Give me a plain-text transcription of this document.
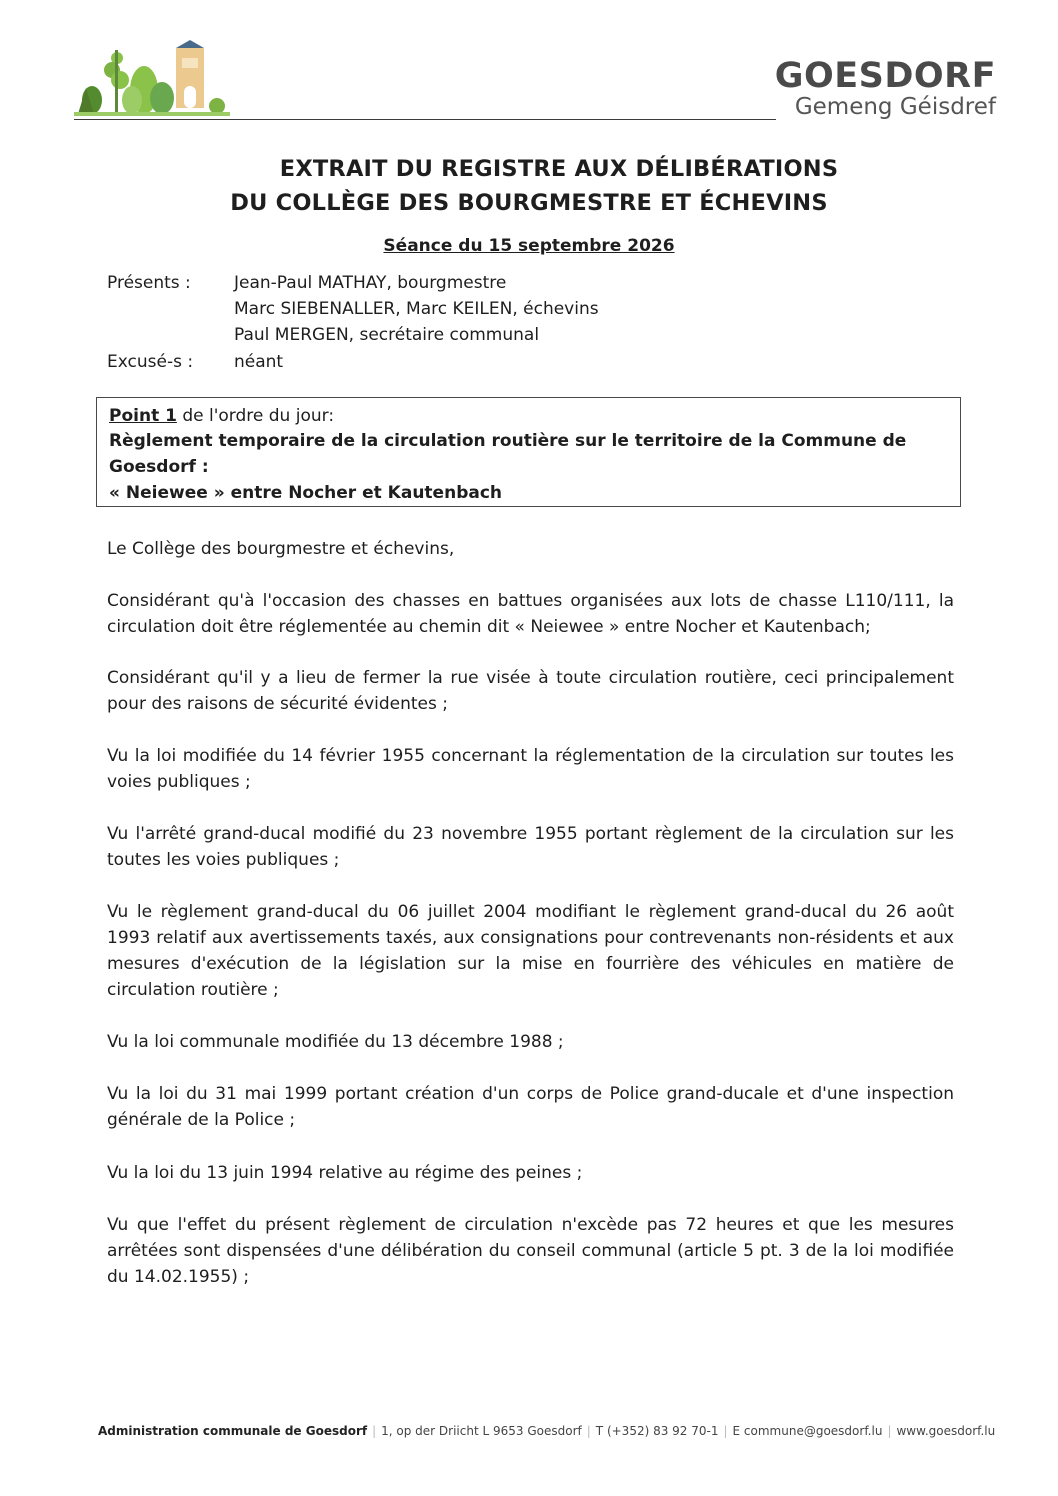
GOESDORF
Gemeng Géisdref
EXTRAIT DU REGISTRE AUX DÉLIBÉRATIONS
DU COLLÈGE DES BOURGMESTRE ET ÉCHEVINS
Séance du 15 septembre 2026
Présents :	Jean-Paul MATHAY, bourgmestre
Marc SIEBENALLER, Marc KEILEN, échevins
Paul MERGEN, secrétaire communal
Excusé-s : néant
Point 1 de l'ordre du jour:
Règlement temporaire de la circulation routière sur le territoire de la Commune de
Goesdorf :
« Neiewee » entre Nocher et Kautenbach
Le Collège des bourgmestre et échevins,
Considérant qu'à l'occasion des chasses en battues organisées aux lots de chasse L110/111, la circulation doit être réglementée au chemin dit « Neiewee » entre Nocher et Kautenbach;
Considérant qu'il y a lieu de fermer la rue visée à toute circulation routière, ceci principalement pour des raisons de sécurité évidentes ;
Vu la loi modifiée du 14 février 1955 concernant la réglementation de la circulation sur toutes les voies publiques ;
Vu l'arrêté grand-ducal modifié du 23 novembre 1955 portant règlement de la circulation sur les toutes les voies publiques ;
Vu le règlement grand-ducal du 06 juillet 2004 modifiant le règlement grand-ducal du 26 août 1993 relatif aux avertissements taxés, aux consignations pour contrevenants non-résidents et aux mesures d'exécution de la législation sur la mise en fourrière des véhicules en matière de circulation routière ;
Vu la loi communale modifiée du 13 décembre 1988 ;
Vu la loi du 31 mai 1999 portant création d'un corps de Police grand-ducale et d'une inspection générale de la Police ;
Vu la loi du 13 juin 1994 relative au régime des peines ;
Vu que l'effet du présent règlement de circulation n'excède pas 72 heures et que les mesures arrêtées sont dispensées d'une délibération du conseil communal (article 5 pt. 3 de la loi modifiée du 14.02.1955) ;
Administration communale de Goesdorf | 1, op der Driicht L 9653 Goesdorf | T (+352) 83 92 70-1 | E commune@goesdorf.lu | www.goesdorf.lu
